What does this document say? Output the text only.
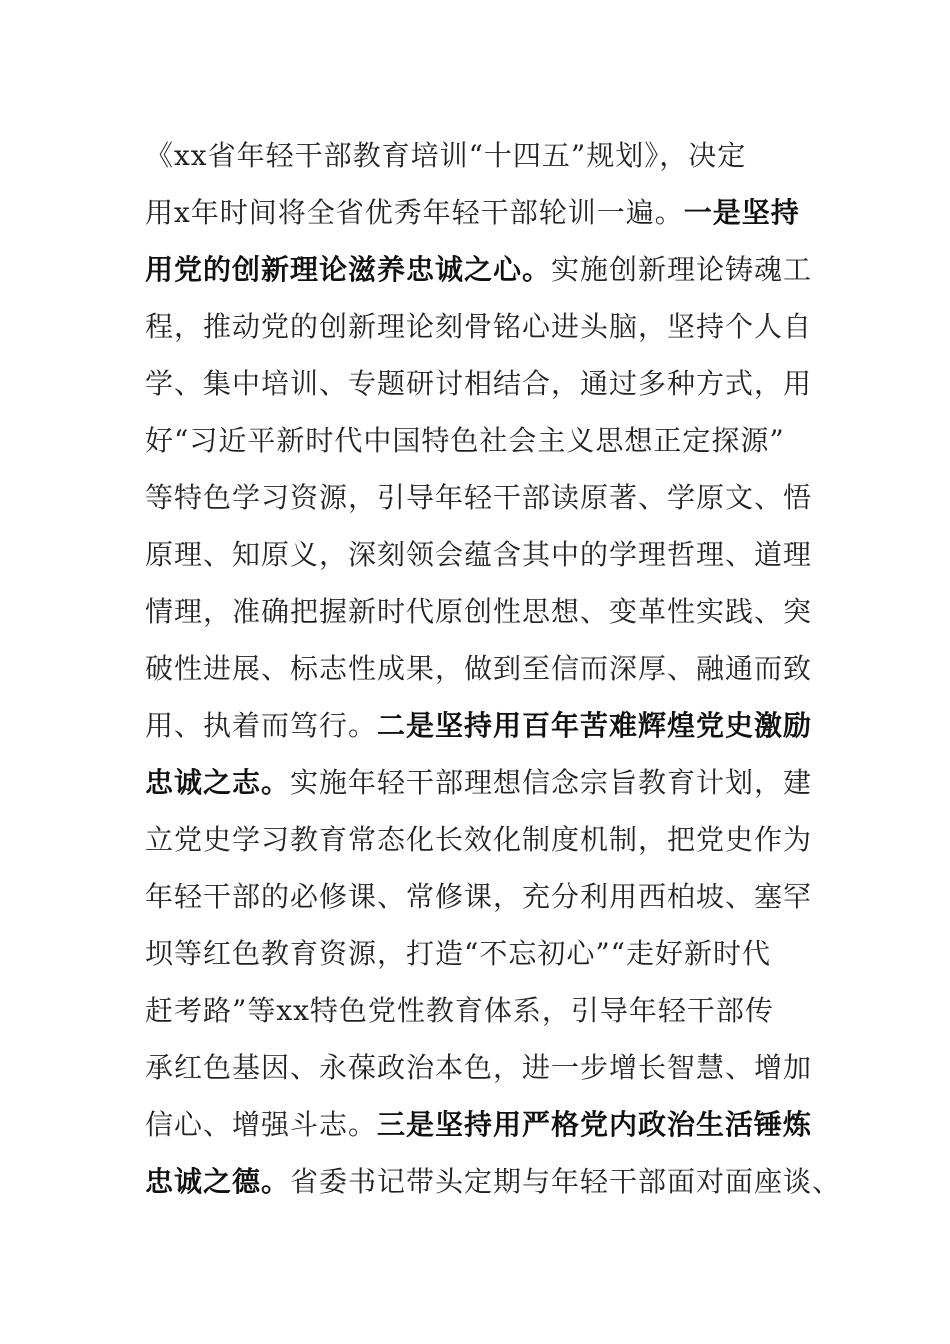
《xx省年轻干部教育培训“十四五”规划》，决定
用x年时间将全省优秀年轻干部轮训一遍。一是坚持
用党的创新理论滋养忠诚之心。实施创新理论铸魂工
程，推动党的创新理论刻骨铭心进头脑，坚持个人自
学、集中培训、专题研讨相结合，通过多种方式，用
好“习近平新时代中国特色社会主义思想正定探源”
等特色学习资源，引导年轻干部读原著、学原文、悟
原理、知原义，深刻领会蕴含其中的学理哲理、道理
情理，准确把握新时代原创性思想、变革性实践、突
破性进展、标志性成果，做到至信而深厚、融通而致
用、执着而笃行。二是坚持用百年苦难辉煌党史激励
忠诚之志。实施年轻干部理想信念宗旨教育计划，建
立党史学习教育常态化长效化制度机制，把党史作为
年轻干部的必修课、常修课，充分利用西柏坡、塞罕
坝等红色教育资源，打造“不忘初心”“走好新时代
赶考路”等xx特色党性教育体系，引导年轻干部传
承红色基因、永葆政治本色，进一步增长智慧、增加
信心、增强斗志。三是坚持用严格党内政治生活锤炼
忠诚之德。省委书记带头定期与年轻干部面对面座谈、
